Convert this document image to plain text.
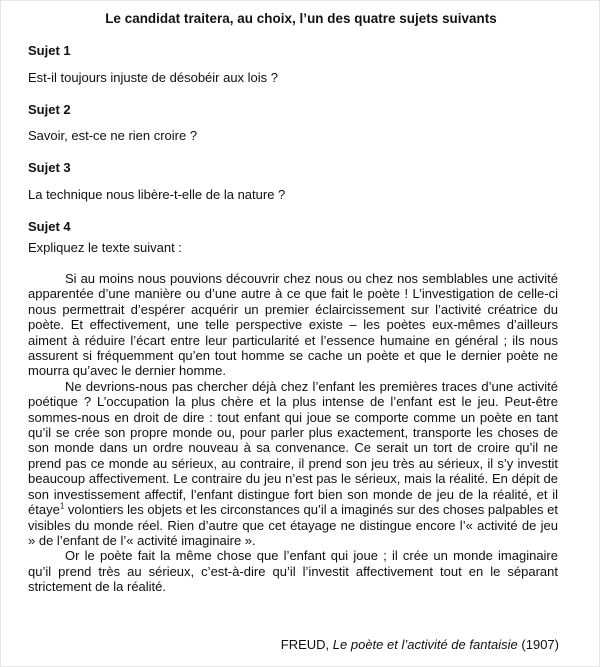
Le candidat traitera, au choix, l’un des quatre sujets suivants
Sujet 1
Est-il toujours injuste de désobéir aux lois ?
Sujet 2
Savoir, est-ce ne rien croire ?
Sujet 3
La technique nous libère-t-elle de la nature ?
Sujet 4
Expliquez le texte suivant :

Si au moins nous pouvions découvrir chez nous ou chez nos semblables une activité apparentée d’une manière ou d’une autre à ce que fait le poète ! L’investigation de celle-ci nous permettrait d’espérer acquérir un premier éclaircissement sur l’activité créatrice du poète. Et effectivement, une telle perspective existe – les poètes eux-mêmes d’ailleurs aiment à réduire l’écart entre leur particularité et l’essence humaine en général ; ils nous assurent si fréquemment qu’en tout homme se cache un poète et que le dernier poète ne mourra qu’avec le dernier homme.

Ne devrions-nous pas chercher déjà chez l’enfant les premières traces d’une activité poétique ? L’occupation la plus chère et la plus intense de l’enfant est le jeu. Peut-être sommes-nous en droit de dire : tout enfant qui joue se comporte comme un poète en tant qu’il se crée son propre monde ou, pour parler plus exactement, transporte les choses de son monde dans un ordre nouveau à sa convenance. Ce serait un tort de croire qu’il ne prend pas ce monde au sérieux, au contraire, il prend son jeu très au sérieux, il s’y investit beaucoup affectivement. Le contraire du jeu n’est pas le sérieux, mais la réalité. En dépit de son investissement affectif, l’enfant distingue fort bien son monde de jeu de la réalité, et il étaye$^1$ volontiers les objets et les circonstances qu’il a imaginés sur des choses palpables et visibles du monde réel. Rien d’autre que cet étayage ne distingue encore l’« activité de jeu » de l’enfant de l’« activité imaginaire ».

Or le poète fait la même chose que l’enfant qui joue ; il crée un monde imaginaire qu’il prend très au sérieux, c’est-à-dire qu’il l’investit affectivement tout en le séparant strictement de la réalité.

FREUD, Le poète et l’activité de fantaisie (1907)
